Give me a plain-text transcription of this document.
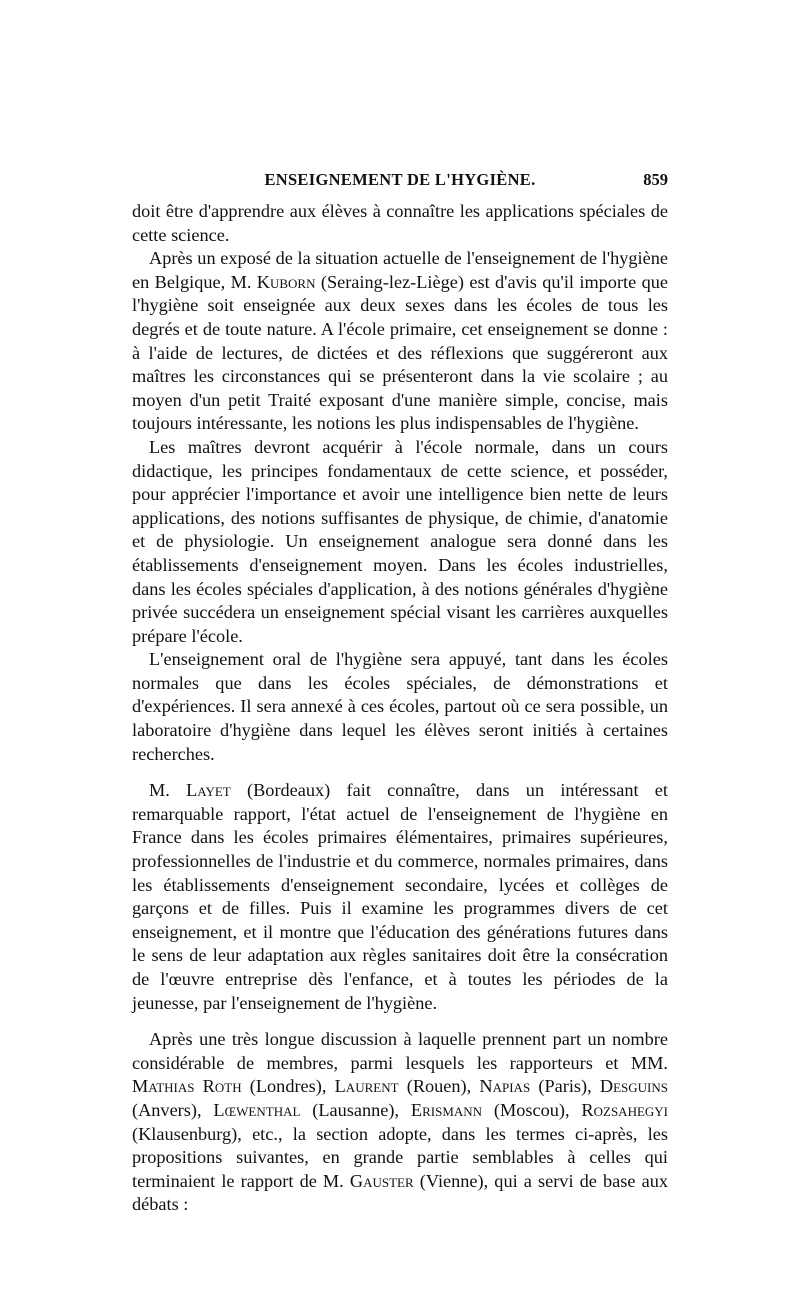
ENSEIGNEMENT DE L'HYGIÈNE.	859

doit être d'apprendre aux élèves à connaître les applications spéciales de cette science.

Après un exposé de la situation actuelle de l'enseignement de l'hygiène en Belgique, M. Kuborn (Seraing-lez-Liège) est d'avis qu'il importe que l'hygiène soit enseignée aux deux sexes dans les écoles de tous les degrés et de toute nature. A l'école primaire, cet enseignement se donne : à l'aide de lectures, de dictées et des réflexions que suggéreront aux maîtres les circonstances qui se présenteront dans la vie scolaire ; au moyen d'un petit Traité exposant d'une manière simple, concise, mais toujours intéressante, les notions les plus indispensables de l'hygiène.

Les maîtres devront acquérir à l'école normale, dans un cours didactique, les principes fondamentaux de cette science, et posséder, pour apprécier l'importance et avoir une intelligence bien nette de leurs applications, des notions suffisantes de physique, de chimie, d'anatomie et de physiologie. Un enseignement analogue sera donné dans les établissements d'enseignement moyen. Dans les écoles industrielles, dans les écoles spéciales d'application, à des notions générales d'hygiène privée succédera un enseignement spécial visant les carrières auxquelles prépare l'école.

L'enseignement oral de l'hygiène sera appuyé, tant dans les écoles normales que dans les écoles spéciales, de démonstrations et d'expériences. Il sera annexé à ces écoles, partout où ce sera possible, un laboratoire d'hygiène dans lequel les élèves seront initiés à certaines recherches.

M. Layet (Bordeaux) fait connaître, dans un intéressant et remarquable rapport, l'état actuel de l'enseignement de l'hygiène en France dans les écoles primaires élémentaires, primaires supérieures, professionnelles de l'industrie et du commerce, normales primaires, dans les établissements d'enseignement secondaire, lycées et collèges de garçons et de filles. Puis il examine les programmes divers de cet enseignement, et il montre que l'éducation des générations futures dans le sens de leur adaptation aux règles sanitaires doit être la consécration de l'œuvre entreprise dès l'enfance, et à toutes les périodes de la jeunesse, par l'enseignement de l'hygiène.

Après une très longue discussion à laquelle prennent part un nombre considérable de membres, parmi lesquels les rapporteurs et MM. Mathias Roth (Londres), Laurent (Rouen), Napias (Paris), Desguins (Anvers), Lœwenthal (Lausanne), Erismann (Moscou), Rozsahegyi (Klausenburg), etc., la section adopte, dans les termes ci-après, les propositions suivantes, en grande partie semblables à celles qui terminaient le rapport de M. Gauster (Vienne), qui a servi de base aux débats :
